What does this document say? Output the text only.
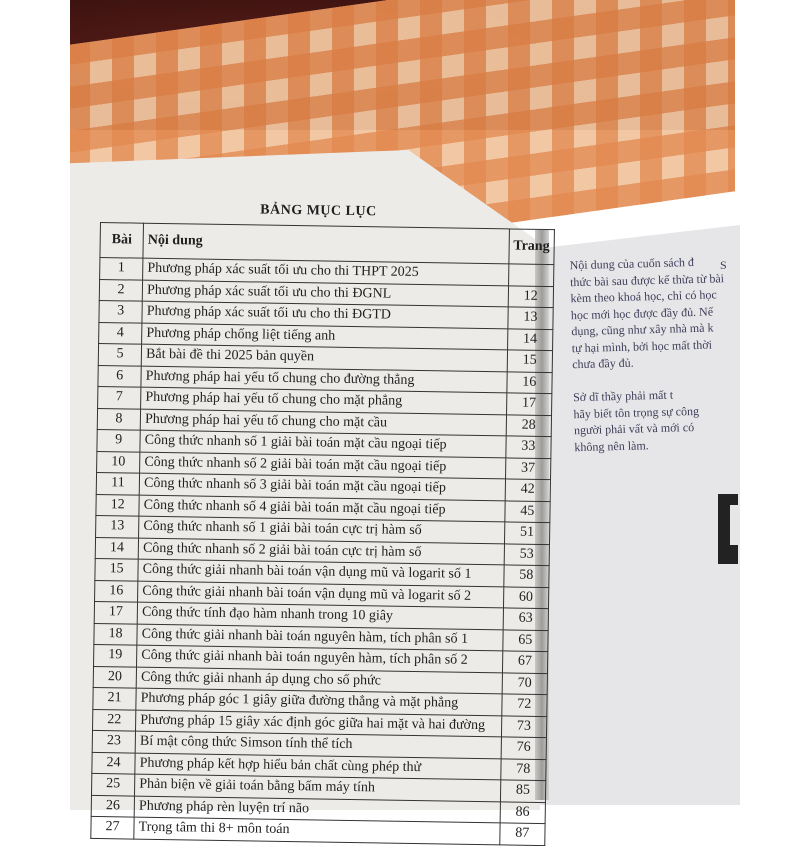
BẢNG MỤC LỤC
Bài	Nội dung	Trang
1	Phương pháp xác suất tối ưu cho thi THPT 2025	
2	Phương pháp xác suất tối ưu cho thi ĐGNL	12
3	Phương pháp xác suất tối ưu cho thi ĐGTD	13
4	Phương pháp chống liệt tiếng anh	14
5	Bắt bài đề thi 2025 bản quyền	15
6	Phương pháp hai yếu tố chung cho đường thẳng	16
7	Phương pháp hai yếu tố chung cho mặt phẳng	17
8	Phương pháp hai yếu tố chung cho mặt cầu	28
9	Công thức nhanh số 1 giải bài toán mặt cầu ngoại tiếp	33
10	Công thức nhanh số 2 giải bài toán mặt cầu ngoại tiếp	37
11	Công thức nhanh số 3 giải bài toán mặt cầu ngoại tiếp	42
12	Công thức nhanh số 4 giải bài toán mặt cầu ngoại tiếp	45
13	Công thức nhanh số 1 giải bài toán cực trị hàm số	51
14	Công thức nhanh số 2 giải bài toán cực trị hàm số	53
15	Công thức giải nhanh bài toán vận dụng mũ và logarit số 1	58
16	Công thức giải nhanh bài toán vận dụng mũ và logarit số 2	60
17	Công thức tính đạo hàm nhanh trong 10 giây	63
18	Công thức giải nhanh bài toán nguyên hàm, tích phân số 1	65
19	Công thức giải nhanh bài toán nguyên hàm, tích phân số 2	67
20	Công thức giải nhanh áp dụng cho số phức	70
21	Phương pháp góc 1 giây giữa đường thẳng và mặt phẳng	72
22	Phương pháp 15 giây xác định góc giữa hai mặt và hai đường	73
23	Bí mật công thức Simson tính thể tích	76
24	Phương pháp kết hợp hiểu bản chất cùng phép thử	78
25	Phản biện về giải toán bằng bấm máy tính	85
26	Phương pháp rèn luyện trí não	86
27	Trọng tâm thi 8+ môn toán	87
S

Nội dung của cuốn sách đ

thức bài sau được kế thừa từ bài

kèm theo khoá học, chỉ có học

học mới học được đầy đủ. Nế

dụng, cũng như xây nhà mà k

tự hại mình, bởi học mất thời

chưa đầy đủ.

Sở dĩ thầy phải mất t

hãy biết tôn trọng sự công

người phải vất và mới có

không nên làm.
